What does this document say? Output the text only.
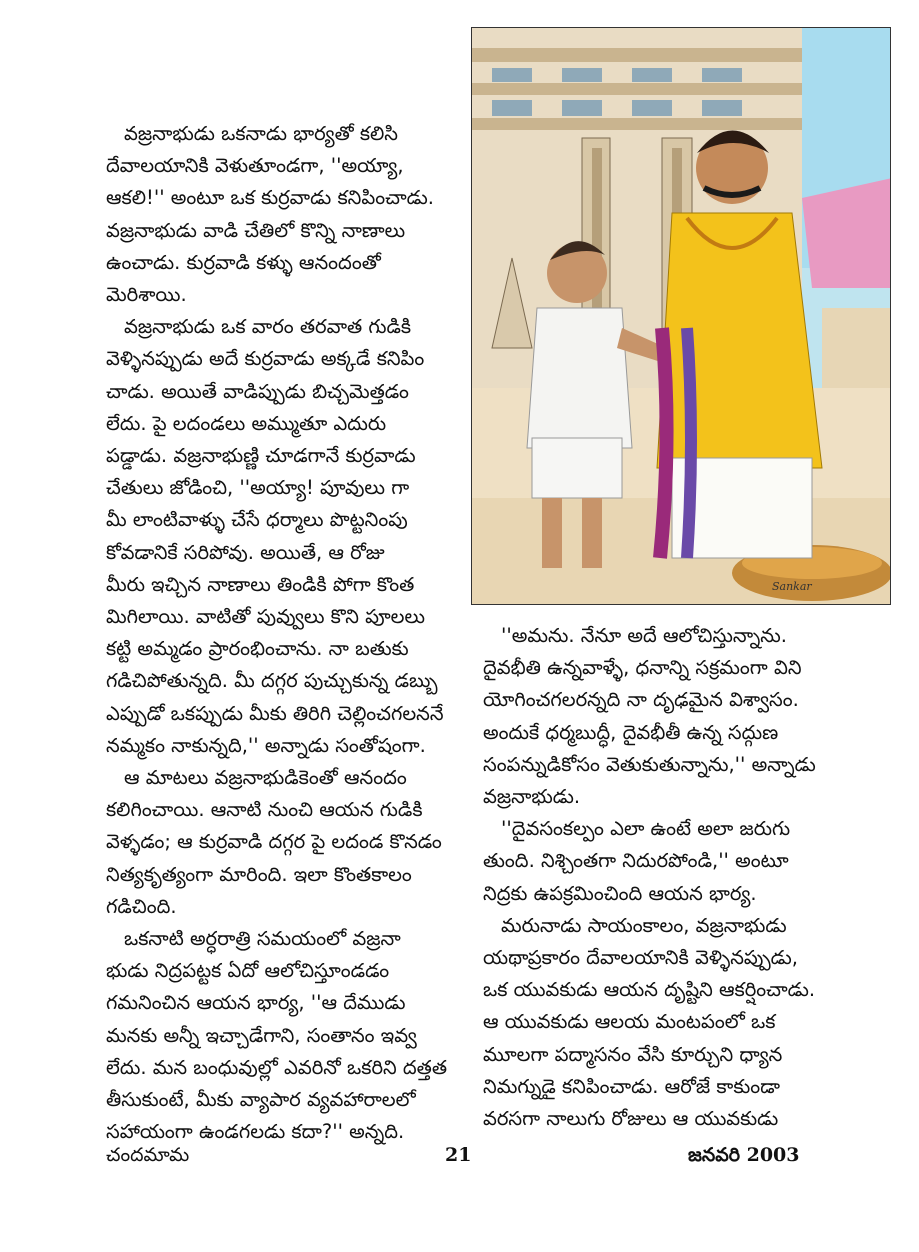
Sankar

వజ్రనాభుడు ఒకనాడు భార్యతో కలిసి

దేవాలయానికి వెళుతూండగా, ''అయ్యా,

ఆకలి!'' అంటూ ఒక కుర్రవాడు కనిపించాడు.

వజ్రనాభుడు వాడి చేతిలో కొన్ని నాణాలు

ఉంచాడు. కుర్రవాడి కళ్ళు ఆనందంతో

మెరిశాయి.

వజ్రనాభుడు ఒక వారం తరవాత గుడికి

వెళ్ళినప్పుడు అదే కుర్రవాడు అక్కడే కనిపిం

చాడు. అయితే వాడిప్పుడు బిచ్చమెత్తడం

లేదు. పై లదండలు అమ్ముతూ ఎదురు

పడ్డాడు. వజ్రనాభుణ్ణి చూడగానే కుర్రవాడు

చేతులు జోడించి, ''అయ్యా! పూవులు గా

మీ లాంటివాళ్ళు చేసే ధర్మాలు పొట్టనింపు

కోవడానికే సరిపోవు. అయితే, ఆ రోజు

మీరు ఇచ్చిన నాణాలు తిండికి పోగా కొంత

మిగిలాయి. వాటితో పువ్వులు కొని పూలలు

కట్టి అమ్మడం ప్రారంభించాను. నా బతుకు

గడిచిపోతున్నది. మీ దగ్గర పుచ్చుకున్న డబ్బు

ఎప్పుడో ఒకప్పుడు మీకు తిరిగి చెల్లించగలననే

నమ్మకం నాకున్నది,'' అన్నాడు సంతోషంగా.

ఆ మాటలు వజ్రనాభుడికెంతో ఆనందం

కలిగించాయి. ఆనాటి నుంచి ఆయన గుడికి

వెళ్ళడం; ఆ కుర్రవాడి దగ్గర పై లదండ కొనడం

నిత్యకృత్యంగా మారింది. ఇలా కొంతకాలం

గడిచింది.

ఒకనాటి అర్ధరాత్రి సమయంలో వజ్రనా

భుడు నిద్రపట్టక ఏదో ఆలోచిస్తూండడం

గమనించిన ఆయన భార్య, ''ఆ దేముడు

మనకు అన్నీ ఇచ్చాడేగాని, సంతానం ఇవ్వ

లేదు. మన బంధువుల్లో ఎవరినో ఒకరిని దత్తత

తీసుకుంటే, మీకు వ్యాపార వ్యవహారాలలో

సహాయంగా ఉండగలడు కదా?'' అన్నది.

''అమను. నేనూ అదే ఆలోచిస్తున్నాను.

దైవభీతి ఉన్నవాళ్ళే, ధనాన్ని సక్రమంగా విని

యోగించగలరన్నది నా దృఢమైన విశ్వాసం.

అందుకే ధర్మబుద్ధీ, దైవభీతీ ఉన్న సద్గుణ

సంపన్నుడికోసం వెతుకుతున్నాను,'' అన్నాడు

వజ్రనాభుడు.

''దైవసంకల్పం ఎలా ఉంటే అలా జరుగు

తుంది. నిశ్చింతగా నిదురపోండి,'' అంటూ

నిద్రకు ఉపక్రమించింది ఆయన భార్య.

మరునాడు సాయంకాలం, వజ్రనాభుడు

యథాప్రకారం దేవాలయానికి వెళ్ళినప్పుడు,

ఒక యువకుడు ఆయన దృష్టిని ఆకర్షించాడు.

ఆ యువకుడు ఆలయ మంటపంలో ఒక

మూలగా పద్మాసనం వేసి కూర్చుని ధ్యాన

నిమగ్నుడై కనిపించాడు. ఆరోజే కాకుండా

వరసగా నాలుగు రోజులు ఆ యువకుడు

చందమామ	21	జనవరి 2003
